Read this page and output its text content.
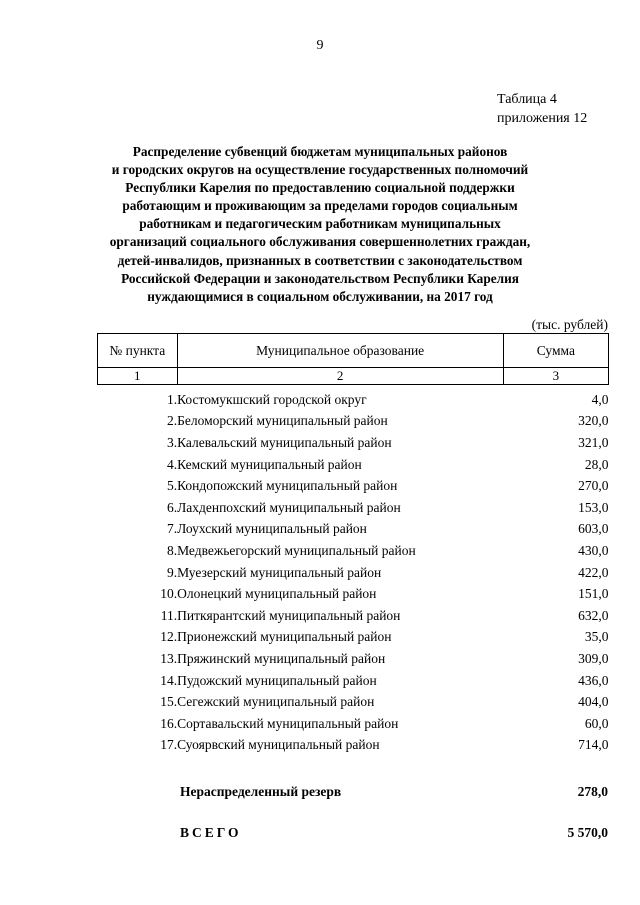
9
Таблица 4
приложения 12
Распределение субвенций бюджетам муниципальных районов
и городских округов на осуществление государственных полномочий
Республики Карелия по предоставлению социальной поддержки
работающим и проживающим за пределами городов социальным
работникам и педагогическим работникам муниципальных
организаций социального обслуживания совершеннолетних граждан,
детей-инвалидов, признанных в соответствии с законодательством
Российской Федерации и законодательством Республики Карелия
нуждающимися в социальном обслуживании, на 2017 год
(тыс. рублей)
№ пункта	Муниципальное образование	Сумма
1	2	3
1.	Костомукшский городской округ	4,0
2.	Беломорский муниципальный район	320,0
3.	Калевальский муниципальный район	321,0
4.	Кемский муниципальный район	28,0
5.	Кондопожский муниципальный район	270,0
6.	Лахденпохский муниципальный район	153,0
7.	Лоухский муниципальный район	603,0
8.	Медвежьегорский муниципальный район	430,0
9.	Муезерский муниципальный район	422,0
10.	Олонецкий муниципальный район	151,0
11.	Питкярантский муниципальный район	632,0
12.	Прионежский муниципальный район	35,0
13.	Пряжинский муниципальный район	309,0
14.	Пудожский муниципальный район	436,0
15.	Сегежский муниципальный район	404,0
16.	Сортавальский муниципальный район	60,0
17.	Суоярвский муниципальный район	714,0
Нераспределенный резерв	278,0
ВСЕГО	5 570,0
